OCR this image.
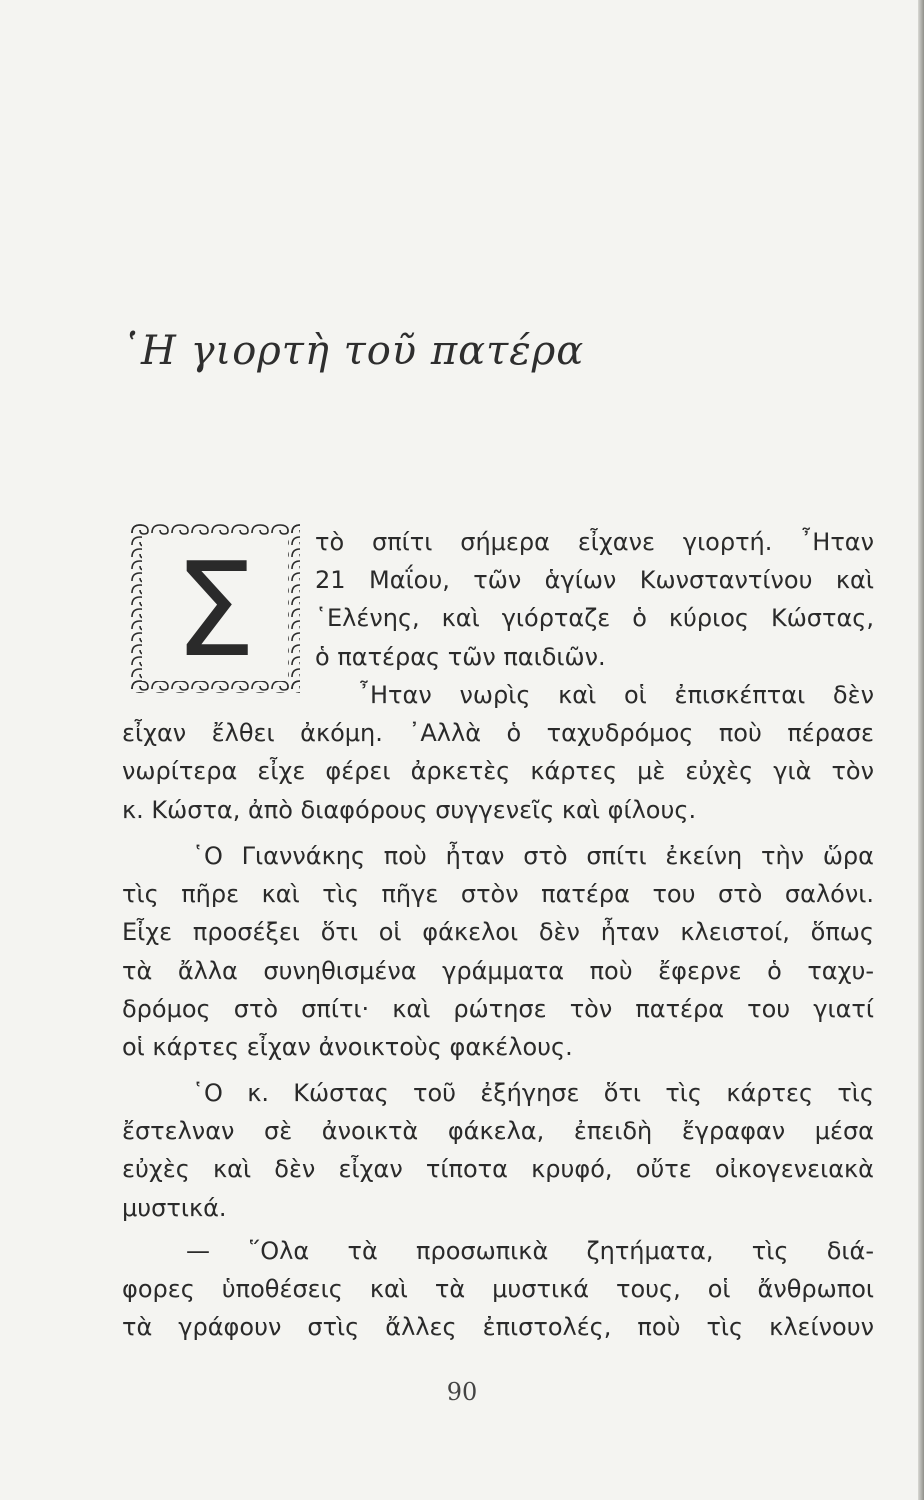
῾Η γιορτὴ τοῦ πατέρα
Σ τὸ σπίτι σήμερα εἶχανε γιορτή. ῏Ηταν
21 Μαΐου, τῶν ἁγίων Κωνσταντίνου καὶ
῾Ελένης, καὶ γιόρταζε ὁ κύριος Κώστας,
ὁ πατέρας τῶν παιδιῶν.
῏Ηταν νωρὶς καὶ οἱ ἐπισκέπται δὲν
εἶχαν ἔλθει ἀκόμη. ᾿Αλλὰ ὁ ταχυδρόμος ποὺ πέρασε
νωρίτερα εἶχε φέρει ἀρκετὲς κάρτες μὲ εὐχὲς γιὰ τὸν
κ. Κώστα, ἀπὸ διαφόρους συγγενεῖς καὶ φίλους.
῾Ο Γιαννάκης ποὺ ἦταν στὸ σπίτι ἐκείνη τὴν ὥρα
τὶς πῆρε καὶ τὶς πῆγε στὸν πατέρα του στὸ σαλόνι.
Εἶχε προσέξει ὅτι οἱ φάκελοι δὲν ἦταν κλειστοί, ὅπως
τὰ ἄλλα συνηθισμένα γράμματα ποὺ ἔφερνε ὁ ταχυ-
δρόμος στὸ σπίτι· καὶ ρώτησε τὸν πατέρα του γιατί
οἱ κάρτες εἶχαν ἀνοικτοὺς φακέλους.
῾Ο κ. Κώστας τοῦ ἐξήγησε ὅτι τὶς κάρτες τὶς
ἔστελναν σὲ ἀνοικτὰ φάκελα, ἐπειδὴ ἔγραφαν μέσα
εὐχὲς καὶ δὲν εἶχαν τίποτα κρυφό, οὔτε οἰκογενειακὰ
μυστικά.
— ῞Ολα τὰ προσωπικὰ ζητήματα, τὶς διά-
φορες ὑποθέσεις καὶ τὰ μυστικά τους, οἱ ἄνθρωποι
τὰ γράφουν στὶς ἄλλες ἐπιστολές, ποὺ τὶς κλείνουν
90
